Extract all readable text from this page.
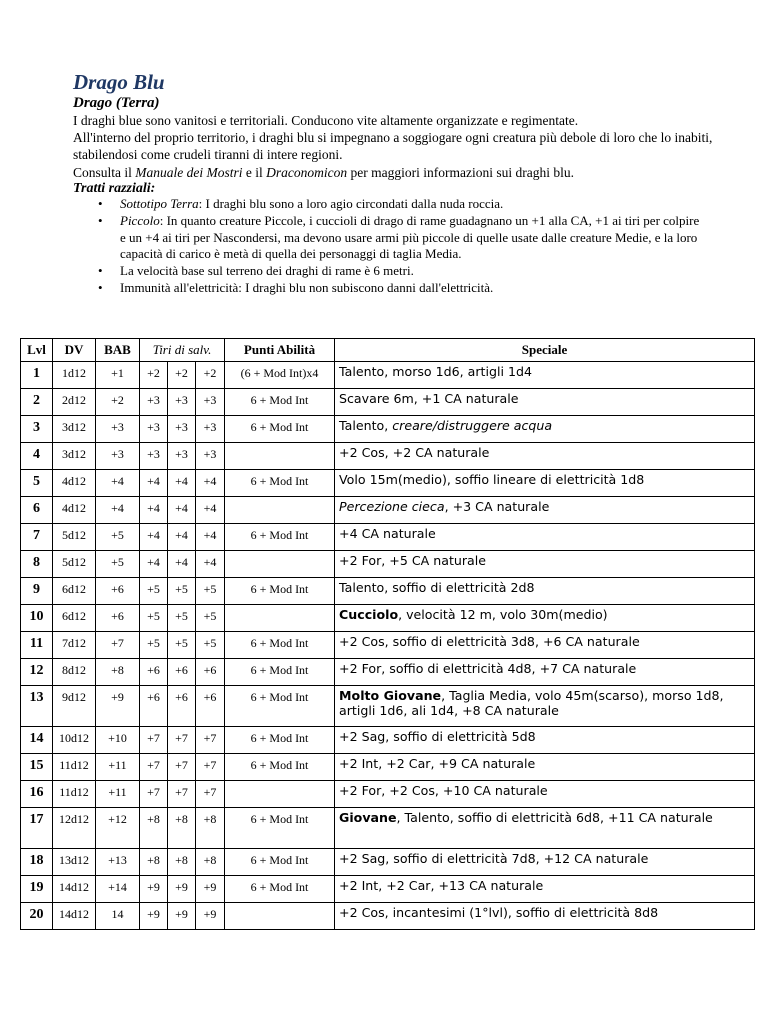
Drago Blu
Drago (Terra)

I draghi blue sono vanitosi e territoriali. Conducono vite altamente organizzate e regimentate.

All'interno del proprio territorio, i draghi blu si impegnano a soggiogare ogni creatura più debole di loro che lo inabiti, stabilendosi come crudeli tiranni di intere regioni.

Consulta il Manuale dei Mostri e il Draconomicon per maggiori informazioni sui draghi blu.

Tratti razziali:
• Sottotipo Terra: I draghi blu sono a loro agio circondati dalla nuda roccia.
• Piccolo: In quanto creature Piccole, i cuccioli di drago di rame guadagnano un +1 alla CA, +1 ai tiri per colpire e un +4 ai tiri per Nascondersi, ma devono usare armi più piccole di quelle usate dalle creature Medie, e la loro capacità di carico è metà di quella dei personaggi di taglia Media.
• La velocità base sul terreno dei draghi di rame è 6 metri.
• Immunità all'elettricità: I draghi blu non subiscono danni dall'elettricità.
Lvl	DV	BAB	Tiri di salv.			Punti Abilità	Speciale
1	1d12	+1	+2	+2	+2	(6 + Mod Int)x4	Talento, morso 1d6, artigli 1d4
2	2d12	+2	+3	+3	+3	6 + Mod Int	Scavare 6m, +1 CA naturale
3	3d12	+3	+3	+3	+3	6 + Mod Int	Talento, creare/distruggere acqua
4	3d12	+3	+3	+3	+3		+2 Cos, +2 CA naturale
5	4d12	+4	+4	+4	+4	6 + Mod Int	Volo 15m(medio), soffio lineare di elettricità 1d8
6	4d12	+4	+4	+4	+4		Percezione cieca, +3 CA naturale
7	5d12	+5	+4	+4	+4	6 + Mod Int	+4 CA naturale
8	5d12	+5	+4	+4	+4		+2 For, +5 CA naturale
9	6d12	+6	+5	+5	+5	6 + Mod Int	Talento, soffio di elettricità 2d8
10	6d12	+6	+5	+5	+5		Cucciolo, velocità 12 m, volo 30m(medio)
11	7d12	+7	+5	+5	+5	6 + Mod Int	+2 Cos, soffio di elettricità 3d8, +6 CA naturale
12	8d12	+8	+6	+6	+6	6 + Mod Int	+2 For, soffio di elettricità 4d8, +7 CA naturale
13	9d12	+9	+6	+6	+6	6 + Mod Int	Molto Giovane, Taglia Media, volo 45m(scarso), morso 1d8, artigli 1d6, ali 1d4, +8 CA naturale
14	10d12	+10	+7	+7	+7	6 + Mod Int	+2 Sag, soffio di elettricità 5d8
15	11d12	+11	+7	+7	+7	6 + Mod Int	+2 Int, +2 Car, +9 CA naturale
16	11d12	+11	+7	+7	+7		+2 For, +2 Cos, +10 CA naturale
17	12d12	+12	+8	+8	+8	6 + Mod Int	Giovane, Talento, soffio di elettricità 6d8, +11 CA naturale
18	13d12	+13	+8	+8	+8	6 + Mod Int	+2 Sag, soffio di elettricità 7d8, +12 CA naturale
19	14d12	+14	+9	+9	+9	6 + Mod Int	+2 Int, +2 Car, +13 CA naturale
20	14d12	14	+9	+9	+9		+2 Cos, incantesimi (1°lvl), soffio di elettricità 8d8
